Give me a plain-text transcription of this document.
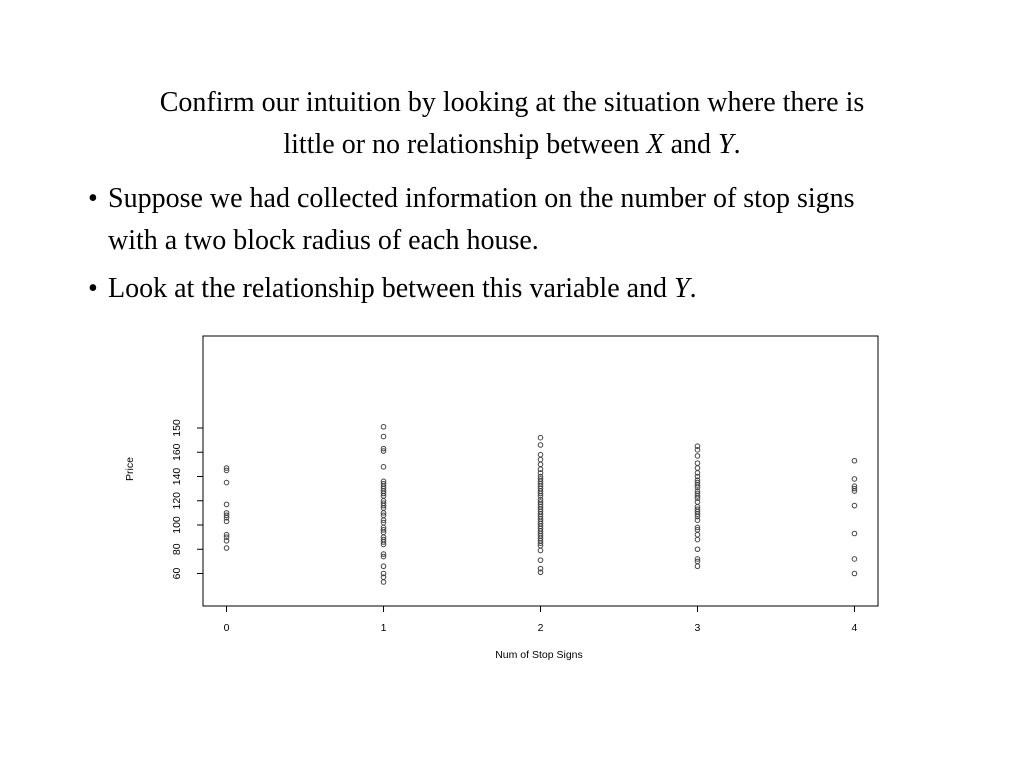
Confirm our intuition by looking at the situation where there is
little or no relationship between X and Y.
• Suppose we had collected information on the number of stop signs with a two block radius of each house.
• Look at the relationship between this variable and Y.
0	1	2	3	4
60
80
100
120
140
160
150
Num of Stop Signs
Price
